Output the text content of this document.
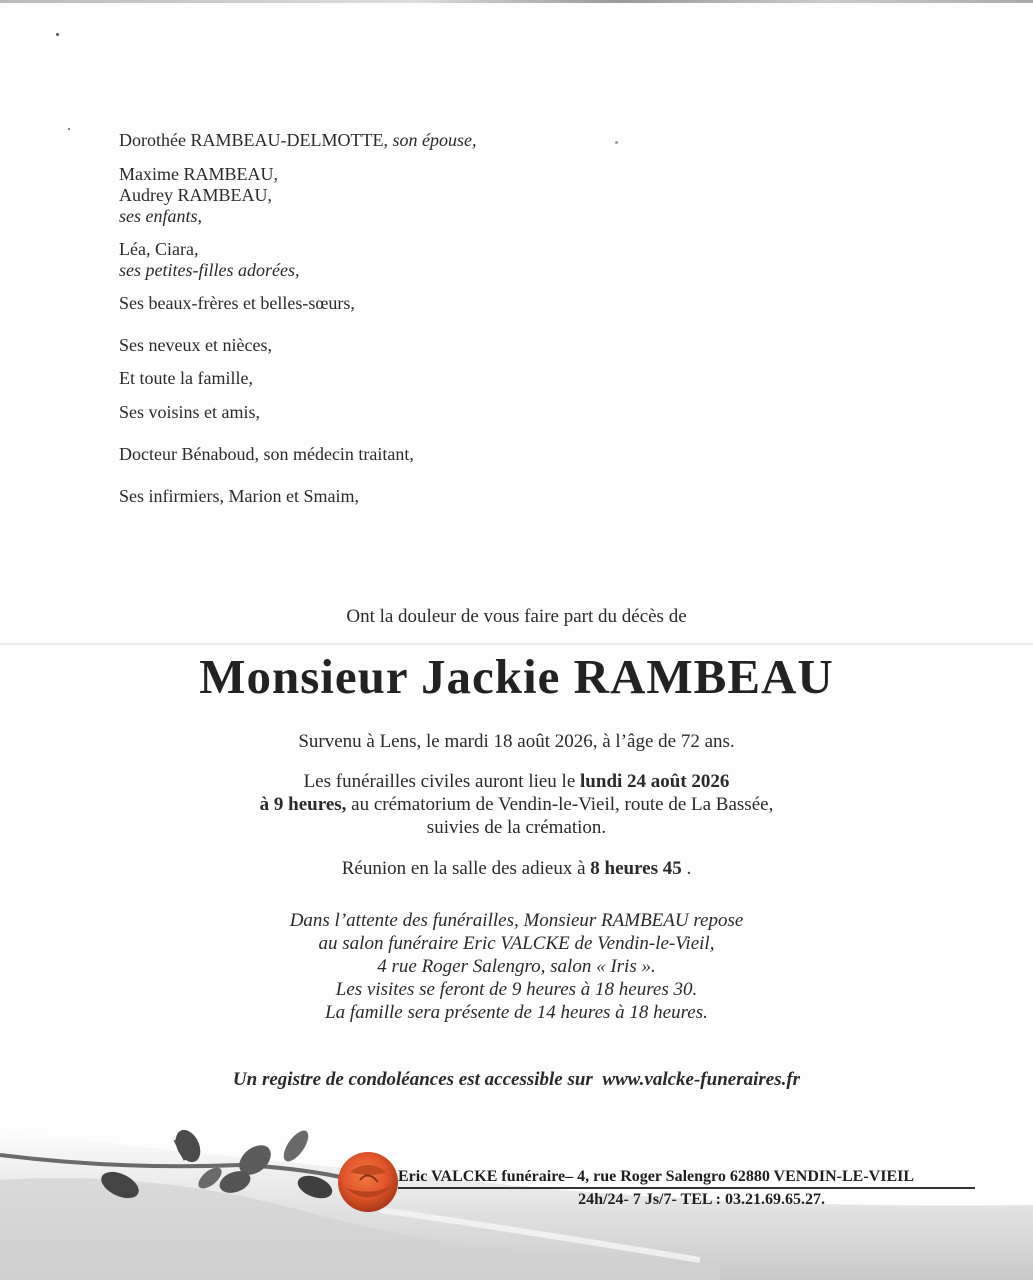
Dorothée RAMBEAU-DELMOTTE, son épouse,

Maxime RAMBEAU,

Audrey RAMBEAU,

ses enfants,

Léa, Ciara,

ses petites-filles adorées,

Ses beaux-frères et belles-sœurs,

Ses neveux et nièces,

Et toute la famille,

Ses voisins et amis,

Docteur Bénaboud, son médecin traitant,

Ses infirmiers, Marion et Smaim,

Ont la douleur de vous faire part du décès de
Monsieur Jackie RAMBEAU
Survenu à Lens, le mardi 18 août 2026, à l’âge de 72 ans.
Les funérailles civiles auront lieu le lundi 24 août 2026
à 9 heures, au crématorium de Vendin-le-Vieil, route de La Bassée,
suivies de la crémation.
Réunion en la salle des adieux à 8 heures 45 .
Dans l’attente des funérailles, Monsieur RAMBEAU repose
au salon funéraire Eric VALCKE de Vendin-le-Vieil,
4 rue Roger Salengro, salon « Iris ».
Les visites se feront de 9 heures à 18 heures 30.
La famille sera présente de 14 heures à 18 heures.
Un registre de condoléances est accessible sur www.valcke-funeraires.fr
Eric VALCKE funéraire– 4, rue Roger Salengro 62880 VENDIN-LE-VIEIL
24h/24- 7 Js/7- TEL : 03.21.69.65.27.
